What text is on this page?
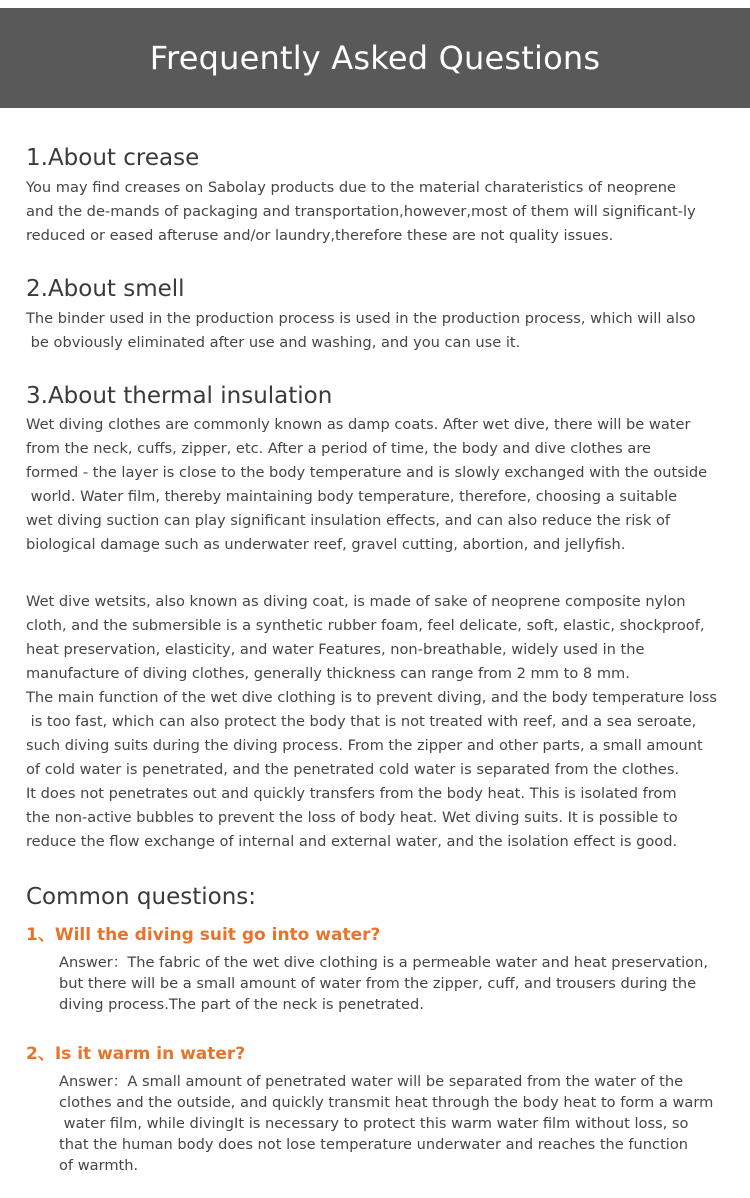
Frequently Asked Questions
1.About crease
You may find creases on Sabolay products due to the material charateristics of neoprene
and the de-mands of packaging and transportation,however,most of them will significant-ly
reduced or eased afteruse and/or laundry,therefore these are not quality issues.
2.About smell
The binder used in the production process is used in the production process, which will also
be obviously eliminated after use and washing, and you can use it.
3.About thermal insulation
Wet diving clothes are commonly known as damp coats. After wet dive, there will be water
from the neck, cuffs, zipper, etc. After a period of time, the body and dive clothes are
formed - the layer is close to the body temperature and is slowly exchanged with the outside
world. Water film, thereby maintaining body temperature, therefore, choosing a suitable
wet diving suction can play significant insulation effects, and can also reduce the risk of
biological damage such as underwater reef, gravel cutting, abortion, and jellyfish.
Wet dive wetsits, also known as diving coat, is made of sake of neoprene composite nylon
cloth, and the submersible is a synthetic rubber foam, feel delicate, soft, elastic, shockproof,
heat preservation, elasticity, and water Features, non-breathable, widely used in the
manufacture of diving clothes, generally thickness can range from 2 mm to 8 mm.
The main function of the wet dive clothing is to prevent diving, and the body temperature loss
is too fast, which can also protect the body that is not treated with reef, and a sea seroate,
such diving suits during the diving process. From the zipper and other parts, a small amount
of cold water is penetrated, and the penetrated cold water is separated from the clothes.
It does not penetrates out and quickly transfers from the body heat. This is isolated from
the non-active bubbles to prevent the loss of body heat. Wet diving suits. It is possible to
reduce the flow exchange of internal and external water, and the isolation effect is good.
Common questions:
1、Will the diving suit go into water?
Answer：The fabric of the wet dive clothing is a permeable water and heat preservation,
but there will be a small amount of water from the zipper, cuff, and trousers during the
diving process.The part of the neck is penetrated.
2、Is it warm in water?
Answer：A small amount of penetrated water will be separated from the water of the
clothes and the outside, and quickly transmit heat through the body heat to form a warm
water film, while divingIt is necessary to protect this warm water film without loss, so
that the human body does not lose temperature underwater and reaches the function
of warmth.
